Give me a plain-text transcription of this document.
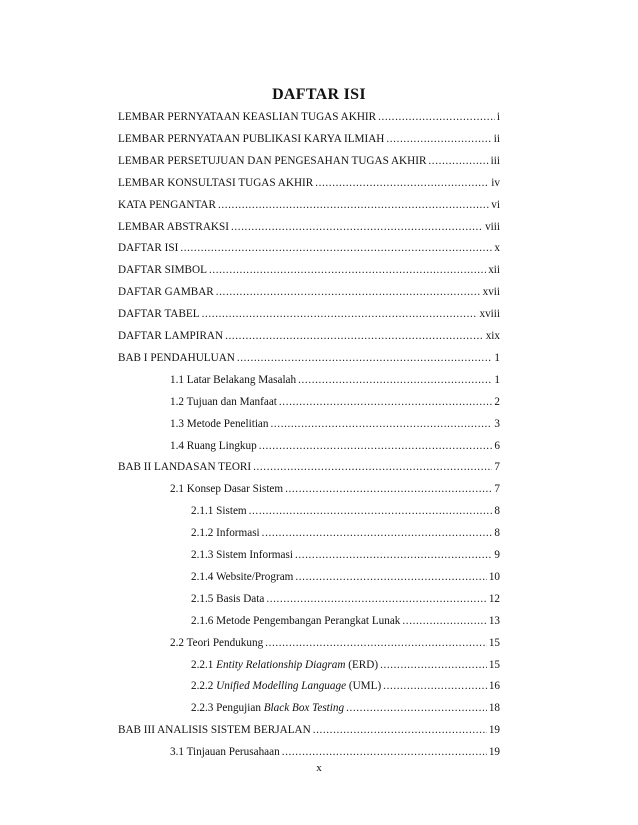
DAFTAR ISI
LEMBAR PERNYATAAN KEASLIAN TUGAS AKHIR .....	i
LEMBAR PERNYATAAN PUBLIKASI KARYA ILMIAH .....	ii
LEMBAR PERSETUJUAN DAN PENGESAHAN TUGAS AKHIR .....	iii
LEMBAR KONSULTASI TUGAS AKHIR .....	iv
KATA PENGANTAR .....	vi
LEMBAR ABSTRAKSI .....	viii
DAFTAR ISI .....	x
DAFTAR SIMBOL .....	xii
DAFTAR GAMBAR .....	xvii
DAFTAR TABEL .....	xviii
DAFTAR LAMPIRAN .....	xix
BAB I PENDAHULUAN .....	1
1.1 Latar Belakang Masalah .....	1
1.2 Tujuan dan Manfaat .....	2
1.3 Metode Penelitian .....	3
1.4 Ruang Lingkup .....	6
BAB II LANDASAN TEORI .....	7
2.1 Konsep Dasar Sistem .....	7
2.1.1 Sistem .....	8
2.1.2 Informasi .....	8
2.1.3 Sistem Informasi .....	9
2.1.4 Website/Program .....	10
2.1.5 Basis Data .....	12
2.1.6 Metode Pengembangan Perangkat Lunak .....	13
2.2 Teori Pendukung .....	15
2.2.1 Entity Relationship Diagram (ERD) .....	15
2.2.2 Unified Modelling Language (UML) .....	16
2.2.3 Pengujian Black Box Testing .....	18
BAB III ANALISIS SISTEM BERJALAN .....	19
3.1 Tinjauan Perusahaan .....	19
x
